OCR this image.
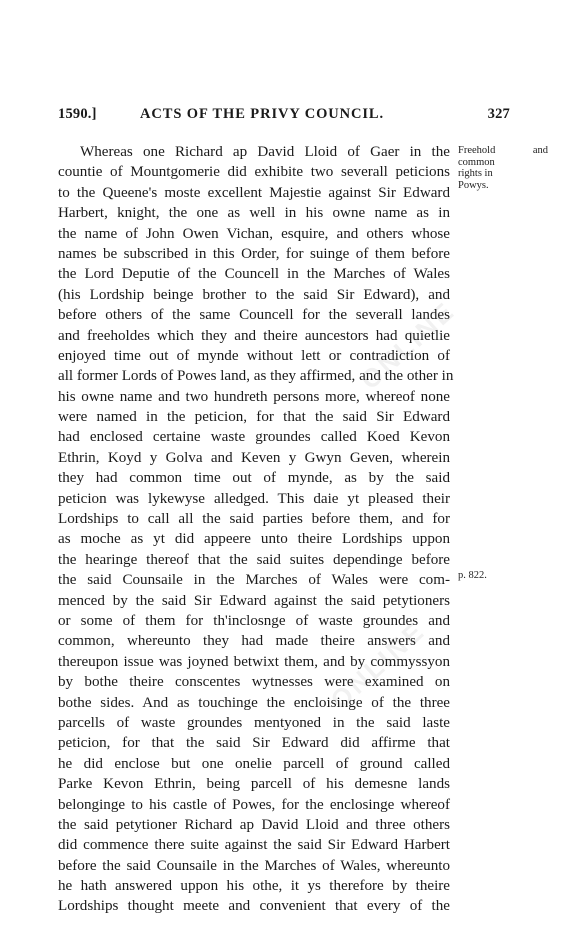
1590.]	ACTS OF THE PRIVY COUNCIL.	327
Whereas one Richard ap David Lloid of Gaer in the
countie of Mountgomerie did exhibite two severall peticions
to the Queene's moste excellent Majestie against Sir Edward
Harbert, knight, the one as well in his owne name as in
the name of John Owen Vichan, esquire, and others whose
names be subscribed in this Order, for suinge of them before
the Lord Deputie of the Councell in the Marches of Wales
(his Lordship beinge brother to the said Sir Edward), and
before others of the same Councell for the severall landes
and freeholdes which they and theire auncestors had quietlie
enjoyed time out of mynde without lett or contradiction of
all former Lords of Powes land, as they affirmed, and the other in
his owne name and two hundreth persons more, whereof none
were named in the peticion, for that the said Sir Edward
had enclosed certaine waste groundes called Koed Kevon
Ethrin, Koyd y Golva and Keven y Gwyn Geven, wherein
they had common time out of mynde, as by the said
peticion was lykewyse alledged. This daie yt pleased their
Lordships to call all the said parties before them, and for
as moche as yt did appeere unto theire Lordships uppon
the hearinge thereof that the said suites dependinge before
the said Counsaile in the Marches of Wales were com-
menced by the said Sir Edward against the said petytioners
or some of them for th'inclosnge of waste groundes and
common, whereunto they had made theire answers and
thereupon issue was joyned betwixt them, and by commyssyon
by bothe theire conscentes wytnesses were examined on
bothe sides. And as touchinge the encloisinge of the three
parcells of waste groundes mentyoned in the said laste
peticion, for that the said Sir Edward did affirme that
he did enclose but one onelie parcell of ground called
Parke Kevon Ethrin, being parcell of his demesne lands
belonginge to his castle of Powes, for the enclosinge whereof
the said petytioner Richard ap David Lloid and three others
did commence there suite against the said Sir Edward Harbert
before the said Counsaile in the Marches of Wales, whereunto
he hath answered uppon his othe, it ys therefore by theire
Lordships thought meete and convenient that every of the
Freehold and
common
rights in
Powys.
p. 822.
ONLINE
ONLINE
